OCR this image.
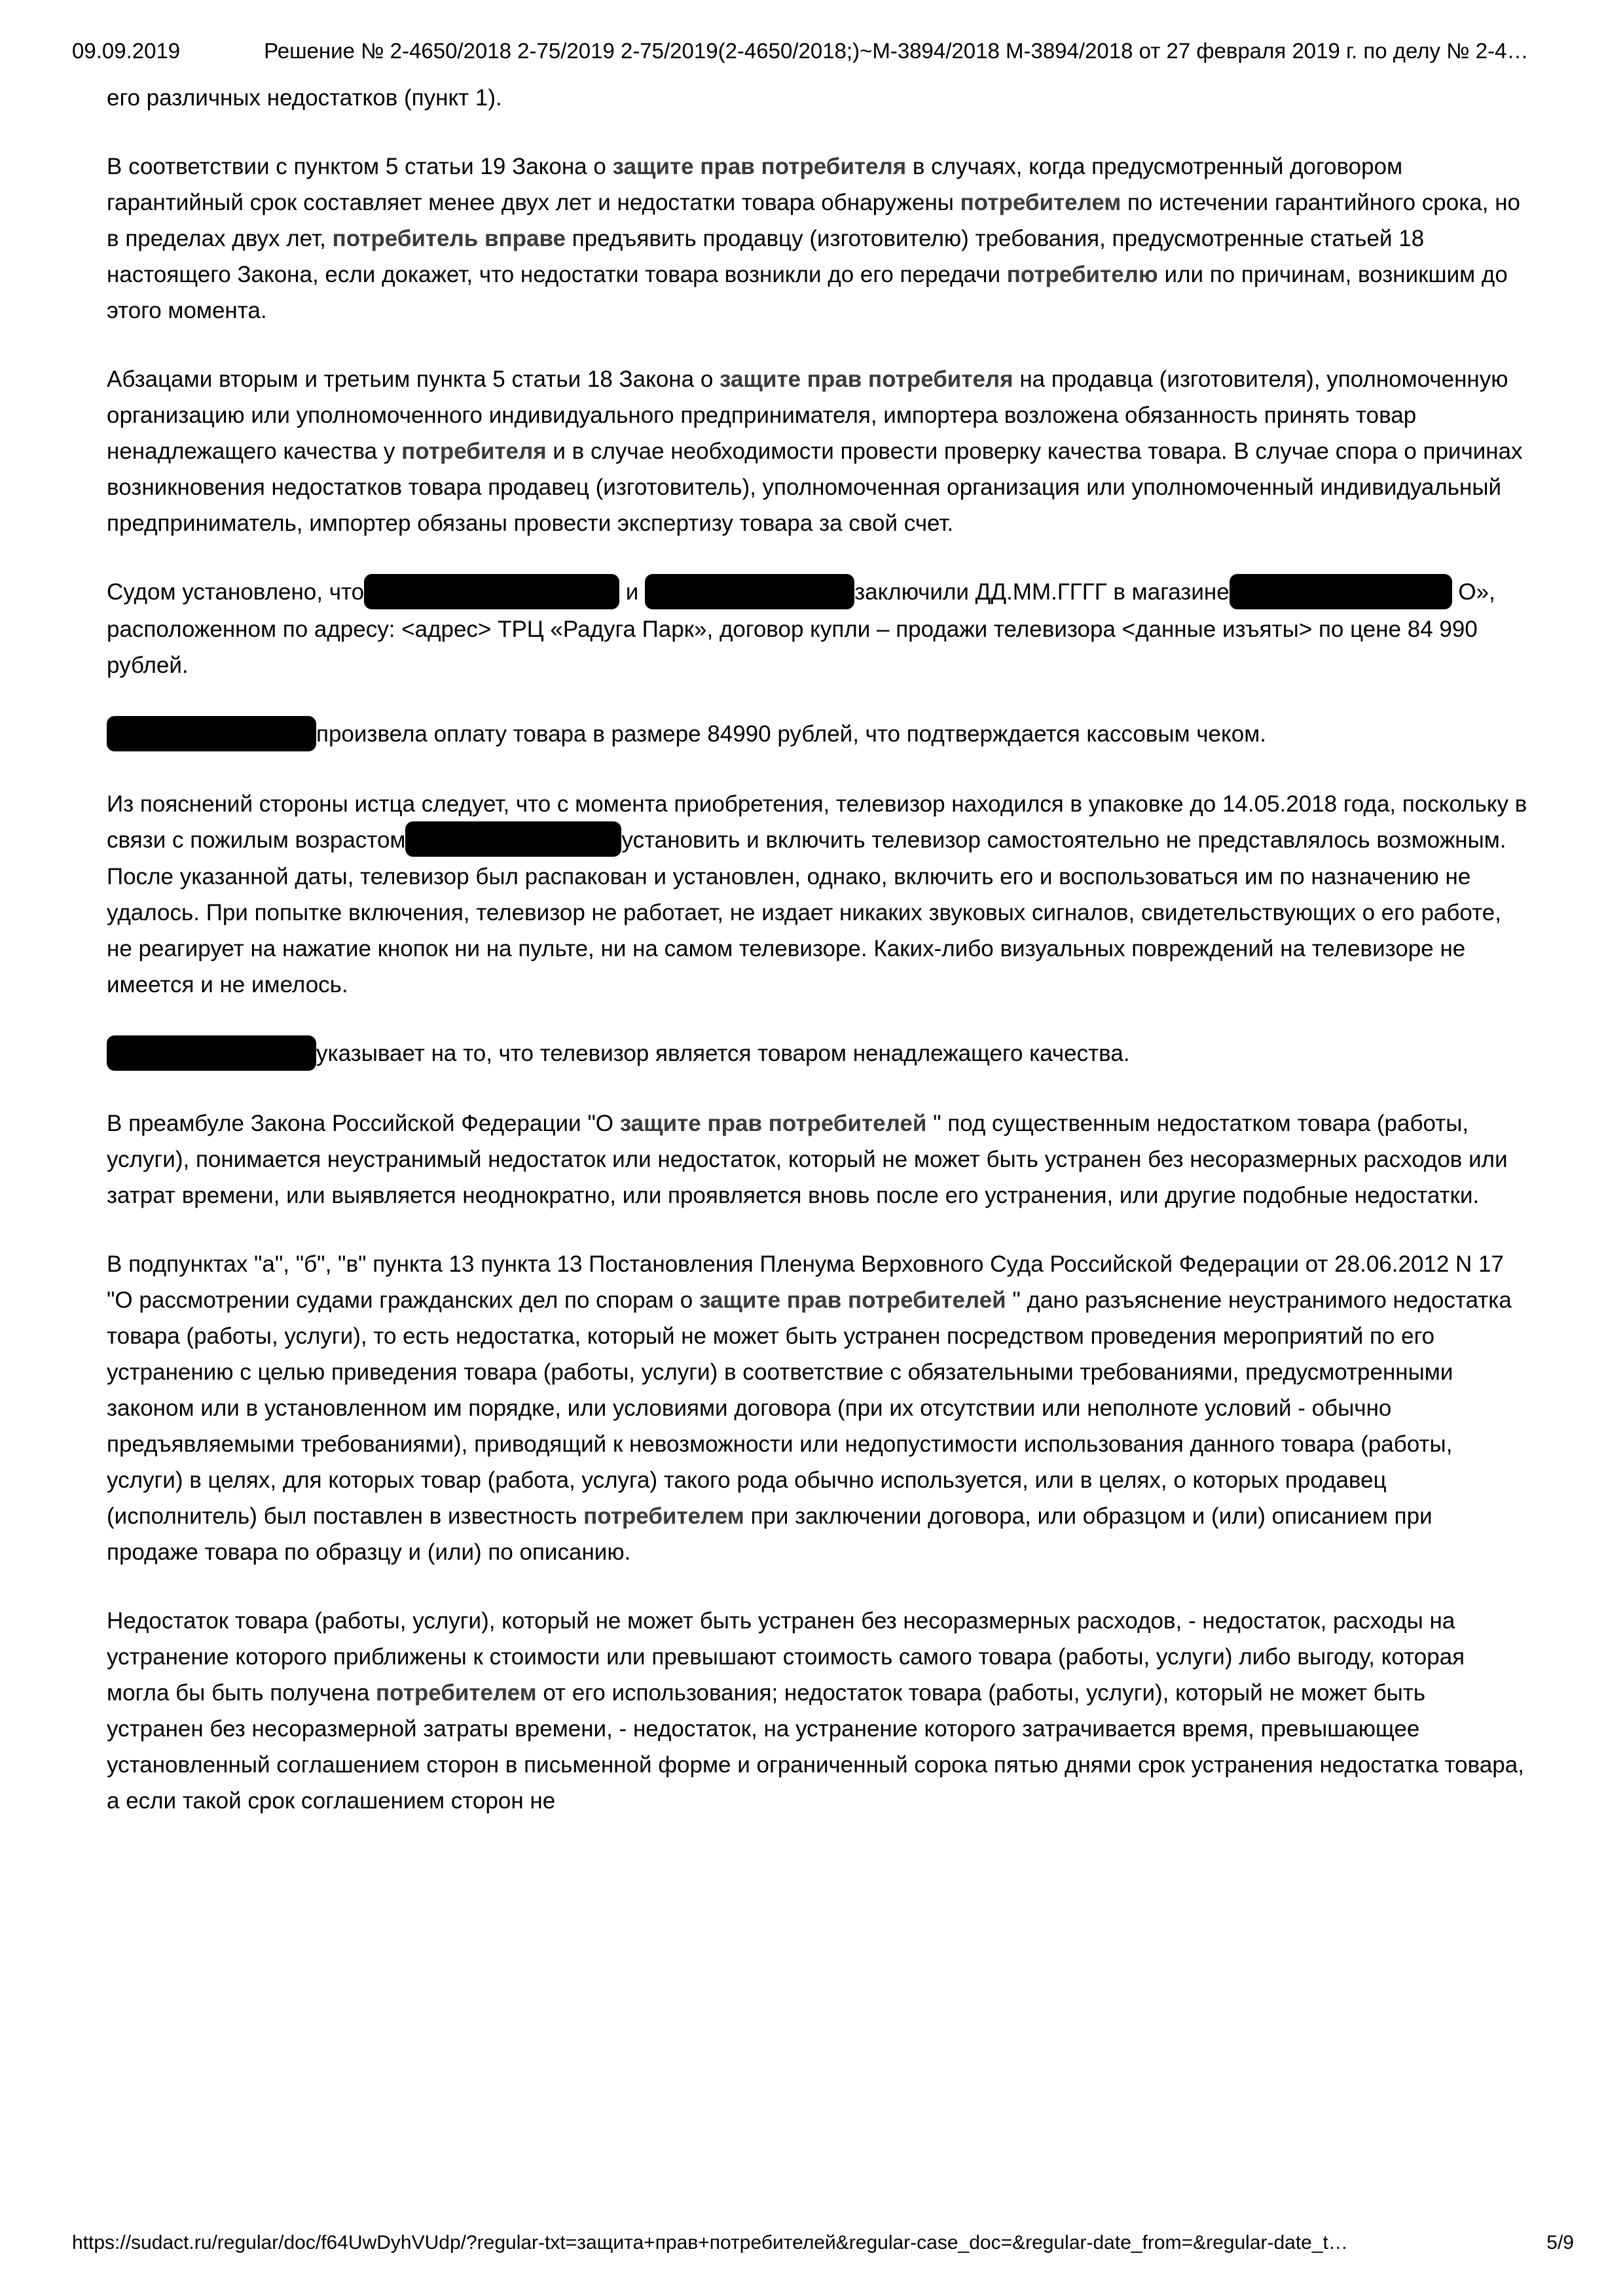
09.09.2019	Решение № 2-4650/2018 2-75/2019 2-75/2019(2-4650/2018;)~М-3894/2018 М-3894/2018 от 27 февраля 2019 г. по делу № 2-4…

его различных недостатков (пункт 1).

В соответствии с пунктом 5 статьи 19 Закона о защите прав потребителя в случаях, когда предусмотренный договором гарантийный срок составляет менее двух лет и недостатки товара обнаружены потребителем по истечении гарантийного срока, но в пределах двух лет, потребитель вправе предъявить продавцу (изготовителю) требования, предусмотренные статьей 18 настоящего Закона, если докажет, что недостатки товара возникли до его передачи потребителю или по причинам, возникшим до этого момента.

Абзацами вторым и третьим пункта 5 статьи 18 Закона о защите прав потребителя на продавца (изготовителя), уполномоченную организацию или уполномоченного индивидуального предпринимателя, импортера возложена обязанность принять товар ненадлежащего качества у потребителя и в случае необходимости провести проверку качества товара. В случае спора о причинах возникновения недостатков товара продавец (изготовитель), уполномоченная организация или уполномоченный индивидуальный предприниматель, импортер обязаны провести экспертизу товара за свой счет.

Судом установлено, что	и	заключили ДД.ММ.ГГГГ в магазине	О», расположенном по адресу: <адрес> ТРЦ «Радуга Парк», договор купли – продажи телевизора <данные изъяты> по цене 84 990 рублей.

произвела оплату товара в размере 84990 рублей, что подтверждается кассовым чеком.

Из пояснений стороны истца следует, что с момента приобретения, телевизор находился в упаковке до 14.05.2018 года, поскольку в связи с пожилым возрастом	установить и включить телевизор самостоятельно не представлялось возможным. После указанной даты, телевизор был распакован и установлен, однако, включить его и воспользоваться им по назначению не удалось. При попытке включения, телевизор не работает, не издает никаких звуковых сигналов, свидетельствующих о его работе, не реагирует на нажатие кнопок ни на пульте, ни на самом телевизоре. Каких-либо визуальных повреждений на телевизоре не имеется и не имелось.

указывает на то, что телевизор является товаром ненадлежащего качества.

В преамбуле Закона Российской Федерации "О защите прав потребителей " под существенным недостатком товара (работы, услуги), понимается неустранимый недостаток или недостаток, который не может быть устранен без несоразмерных расходов или затрат времени, или выявляется неоднократно, или проявляется вновь после его устранения, или другие подобные недостатки.

В подпунктах "а", "б", "в" пункта 13 пункта 13 Постановления Пленума Верховного Суда Российской Федерации от 28.06.2012 N 17 "О рассмотрении судами гражданских дел по спорам о защите прав потребителей " дано разъяснение неустранимого недостатка товара (работы, услуги), то есть недостатка, который не может быть устранен посредством проведения мероприятий по его устранению с целью приведения товара (работы, услуги) в соответствие с обязательными требованиями, предусмотренными законом или в установленном им порядке, или условиями договора (при их отсутствии или неполноте условий - обычно предъявляемыми требованиями), приводящий к невозможности или недопустимости использования данного товара (работы, услуги) в целях, для которых товар (работа, услуга) такого рода обычно используется, или в целях, о которых продавец (исполнитель) был поставлен в известность потребителем при заключении договора, или образцом и (или) описанием при продаже товара по образцу и (или) по описанию.

Недостаток товара (работы, услуги), который не может быть устранен без несоразмерных расходов, - недостаток, расходы на устранение которого приближены к стоимости или превышают стоимость самого товара (работы, услуги) либо выгоду, которая могла бы быть получена потребителем от его использования; недостаток товара (работы, услуги), который не может быть устранен без несоразмерной затраты времени, - недостаток, на устранение которого затрачивается время, превышающее установленный соглашением сторон в письменной форме и ограниченный сорока пятью днями срок устранения недостатка товара, а если такой срок соглашением сторон не

https://sudact.ru/regular/doc/f64UwDyhVUdp/?regular-txt=защита+прав+потребителей&regular-case_doc=&regular-date_from=&regular-date_t…	5/9
